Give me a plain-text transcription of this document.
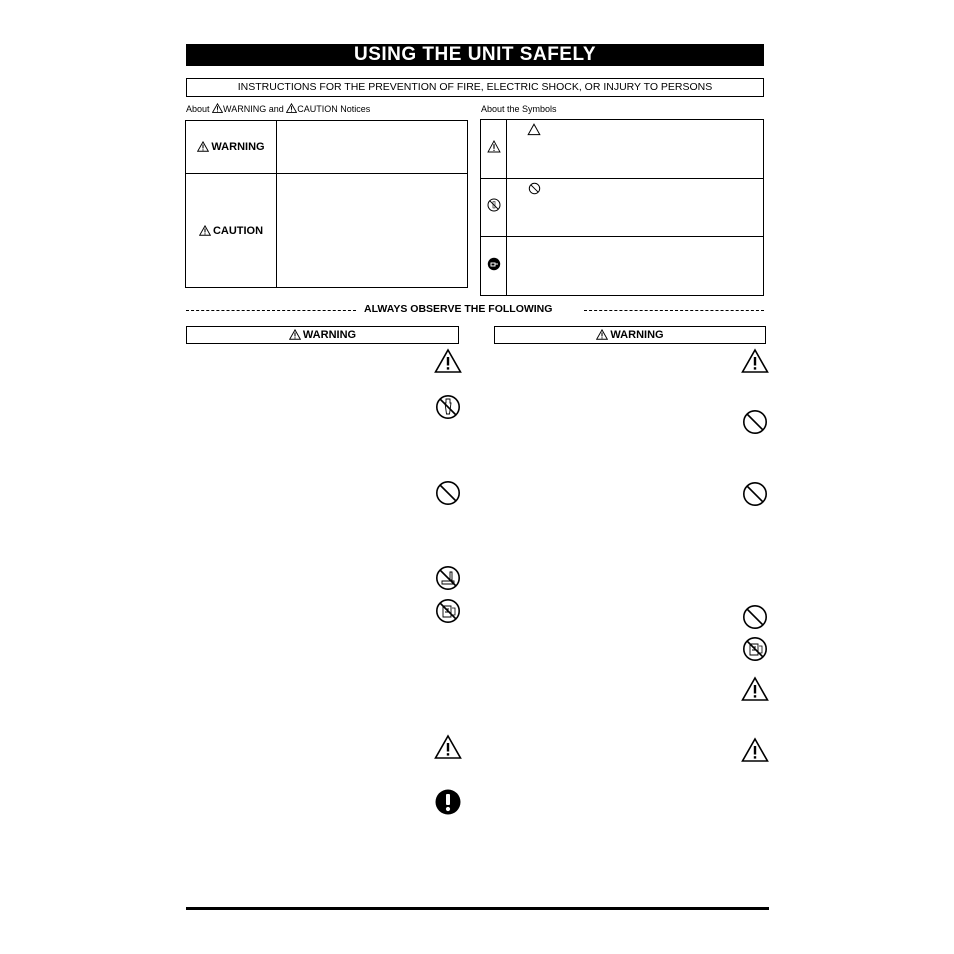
USING THE UNIT SAFELY
INSTRUCTIONS FOR THE PREVENTION OF FIRE, ELECTRIC SHOCK, OR INJURY TO PERSONS
About WARNING and CAUTION Notices
WARNING	
CAUTION	
About the Symbols

ALWAYS OBSERVE THE FOLLOWING
WARNING	WARNING
